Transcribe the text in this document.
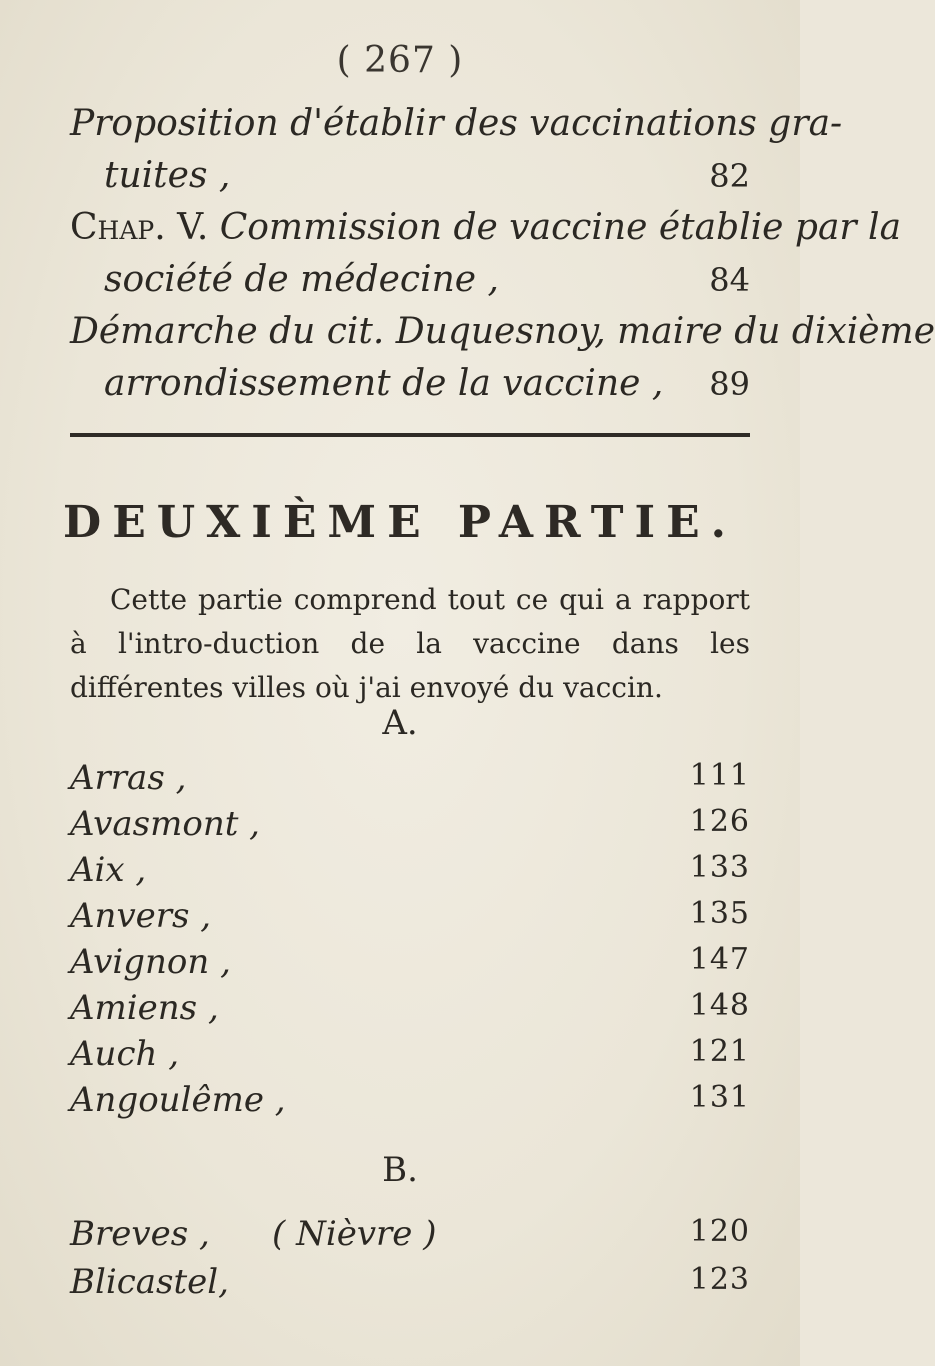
( 267 )
Proposition d'établir des vaccinations gra-
tuites ,	82
Chap. V. Commission de vaccine établie par la
société de médecine ,	84
Démarche du cit. Duquesnoy, maire du dixième
arrondissement de la vaccine ,	89
DEUXIÈME PARTIE.
Cette partie comprend tout ce qui a rapport à l'intro-duction de la vaccine dans les différentes villes où j'ai envoyé du vaccin.
A.
Arras ,	111
Avasmont ,	126
Aix ,	133
Anvers ,	135
Avignon ,	147
Amiens ,	148
Auch ,	121
Angoulême ,	131
B.
Breves , ( Nièvre )	120
Blicastel,	123
